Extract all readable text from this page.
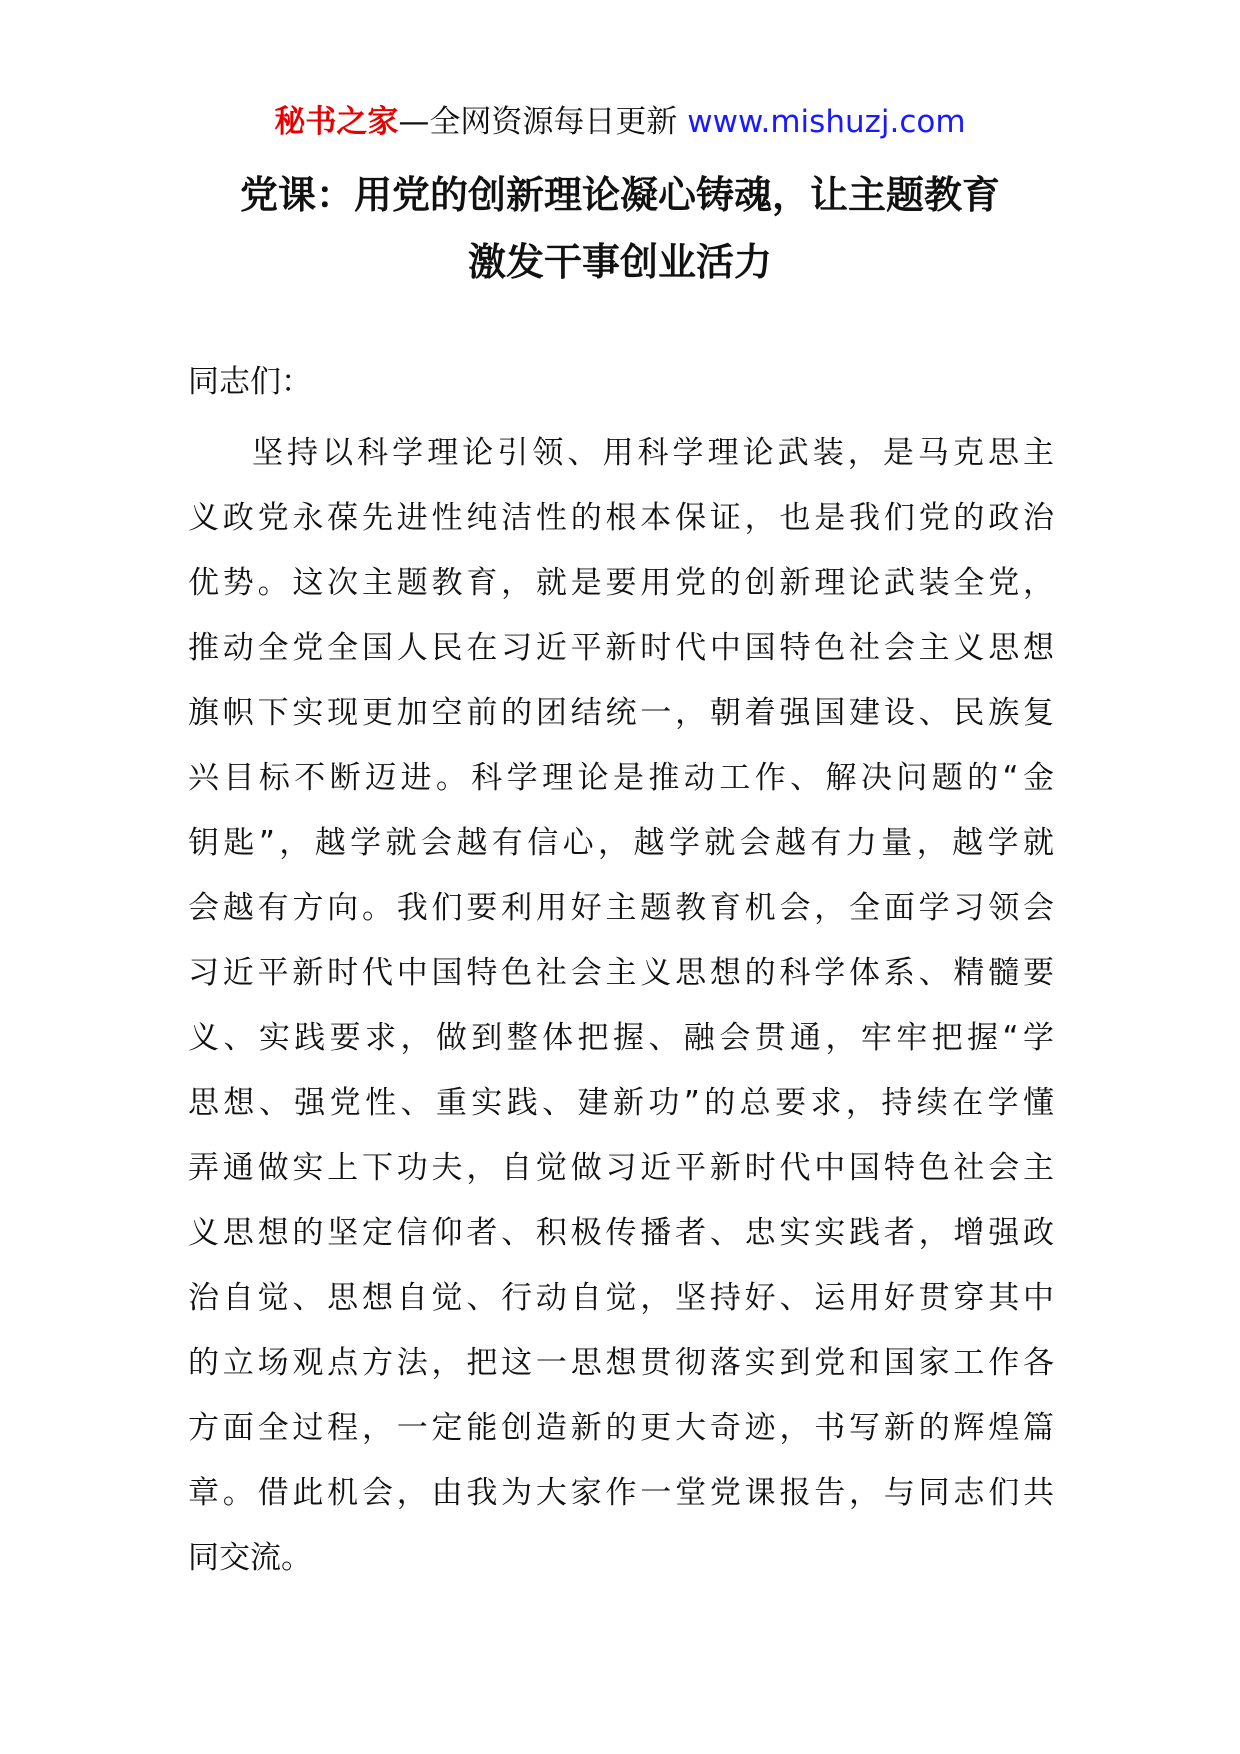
秘书之家—全网资源每日更新 www.mishuzj.com
党课：用党的创新理论凝心铸魂，让主题教育
激发干事创业活力
同志们：
坚持以科学理论引领、用科学理论武装，是马克思主
义政党永葆先进性纯洁性的根本保证，也是我们党的政治
优势。这次主题教育，就是要用党的创新理论武装全党，
推动全党全国人民在习近平新时代中国特色社会主义思想
旗帜下实现更加空前的团结统一，朝着强国建设、民族复
兴目标不断迈进。科学理论是推动工作、解决问题的“金
钥匙”，越学就会越有信心，越学就会越有力量，越学就
会越有方向。我们要利用好主题教育机会，全面学习领会
习近平新时代中国特色社会主义思想的科学体系、精髓要
义、实践要求，做到整体把握、融会贯通，牢牢把握“学
思想、强党性、重实践、建新功”的总要求，持续在学懂
弄通做实上下功夫，自觉做习近平新时代中国特色社会主
义思想的坚定信仰者、积极传播者、忠实实践者，增强政
治自觉、思想自觉、行动自觉，坚持好、运用好贯穿其中
的立场观点方法，把这一思想贯彻落实到党和国家工作各
方面全过程，一定能创造新的更大奇迹，书写新的辉煌篇
章。借此机会，由我为大家作一堂党课报告，与同志们共
同交流。
